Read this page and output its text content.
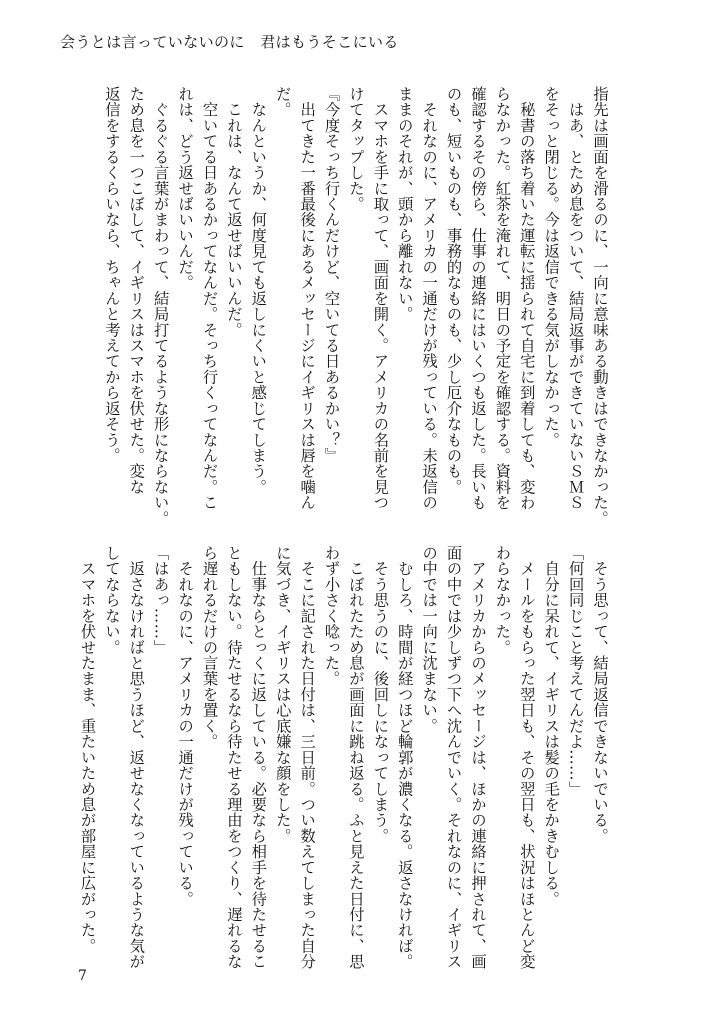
会うとは言っていないのに　君はもうそこにいる
指先は画面を滑るのに、一向に意味ある動きはできなかった。
　はあ、とため息をついて、結局返事ができていないＳＭＳ
をそっと閉じる。今は返信できる気がしなかった。
　秘書の落ち着いた運転に揺られて自宅に到着しても、変わ
らなかった。紅茶を淹れて、明日の予定を確認する。資料を
確認するその傍ら、仕事の連絡にはいくつも返した。長いも
のも、短いものも、事務的なものも、少し厄介なものも。
　それなのに、アメリカの一通だけが残っている。未返信の
ままのそれが、頭から離れない。
　スマホを手に取って、画面を開く。アメリカの名前を見つ
けてタップした。
『今度そっち行くんだけど、空いてる日あるかい？』
　出てきた一番最後にあるメッセージにイギリスは唇を噛ん
だ。
　なんというか、何度見ても返しにくいと感じてしまう。
　これは、なんて返せばいいんだ。
　空いてる日あるかってなんだ。そっち行くってなんだ。こ
れは、どう返せばいいんだ。
　ぐるぐる言葉がまわって、結局打てるような形にならない。
ため息を一つこぼして、イギリスはスマホを伏せた。変な
返信をするくらいなら、ちゃんと考えてから返そう。
　そう思って、結局返信できないでいる。
「何回同じこと考えてんだよ……」
　自分に呆れて、イギリスは髪の毛をかきむしる。
　メールをもらった翌日も、その翌日も、状況はほとんど変
わらなかった。
　アメリカからのメッセージは、ほかの連絡に押されて、画
面の中では少しずつ下へ沈んでいく。それなのに、イギリス
の中では一向に沈まない。
　むしろ、時間が経つほど輪郭が濃くなる。返さなければ。
　そう思うのに、後回しになってしまう。
　こぼれたため息が画面に跳ね返る。ふと見えた日付に、思
わず小さく唸った。
　そこに記された日付は、三日前。つい数えてしまった自分
に気づき、イギリスは心底嫌な顔をした。
　仕事ならとっくに返している。必要なら相手を待たせるこ
ともしない。待たせるなら待たせる理由をつくり、遅れるな
ら遅れるだけの言葉を置く。
　それなのに、アメリカの一通だけが残っている。
「はあっ……」
　返さなければと思うほど、返せなくなっているような気が
してならない。
　スマホを伏せたまま、重たいため息が部屋に広がった。
7
